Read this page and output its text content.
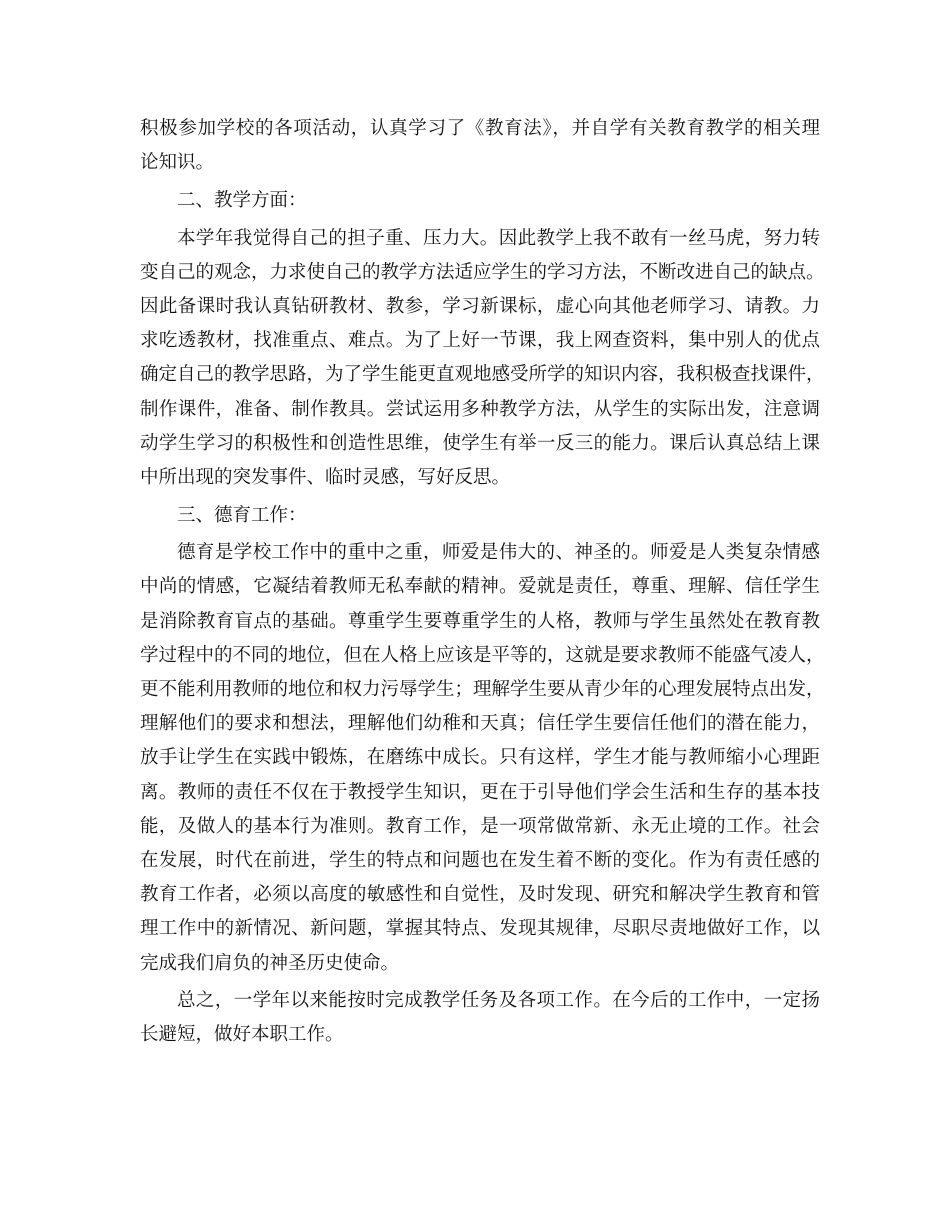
积极参加学校的各项活动，认真学习了《教育法》，并自学有关教育教学的相关理
论知识。
二、教学方面：
本学年我觉得自己的担子重、压力大。因此教学上我不敢有一丝马虎，努力转
变自己的观念，力求使自己的教学方法适应学生的学习方法，不断改进自己的缺点。
因此备课时我认真钻研教材、教参，学习新课标，虚心向其他老师学习、请教。力
求吃透教材，找准重点、难点。为了上好一节课，我上网查资料，集中别人的优点
确定自己的教学思路，为了学生能更直观地感受所学的知识内容，我积极查找课件，
制作课件，准备、制作教具。尝试运用多种教学方法，从学生的实际出发，注意调
动学生学习的积极性和创造性思维，使学生有举一反三的能力。课后认真总结上课
中所出现的突发事件、临时灵感，写好反思。
三、德育工作：
德育是学校工作中的重中之重，师爱是伟大的、神圣的。师爱是人类复杂情感
中尚的情感，它凝结着教师无私奉献的精神。爱就是责任，尊重、理解、信任学生
是消除教育盲点的基础。尊重学生要尊重学生的人格，教师与学生虽然处在教育教
学过程中的不同的地位，但在人格上应该是平等的，这就是要求教师不能盛气凌人，
更不能利用教师的地位和权力污辱学生；理解学生要从青少年的心理发展特点出发，
理解他们的要求和想法，理解他们幼稚和天真；信任学生要信任他们的潜在能力，
放手让学生在实践中锻炼，在磨练中成长。只有这样，学生才能与教师缩小心理距
离。教师的责任不仅在于教授学生知识，更在于引导他们学会生活和生存的基本技
能，及做人的基本行为准则。教育工作，是一项常做常新、永无止境的工作。社会
在发展，时代在前进，学生的特点和问题也在发生着不断的变化。作为有责任感的
教育工作者，必须以高度的敏感性和自觉性，及时发现、研究和解决学生教育和管
理工作中的新情况、新问题，掌握其特点、发现其规律，尽职尽责地做好工作，以
完成我们肩负的神圣历史使命。
总之，一学年以来能按时完成教学任务及各项工作。在今后的工作中，一定扬
长避短，做好本职工作。
